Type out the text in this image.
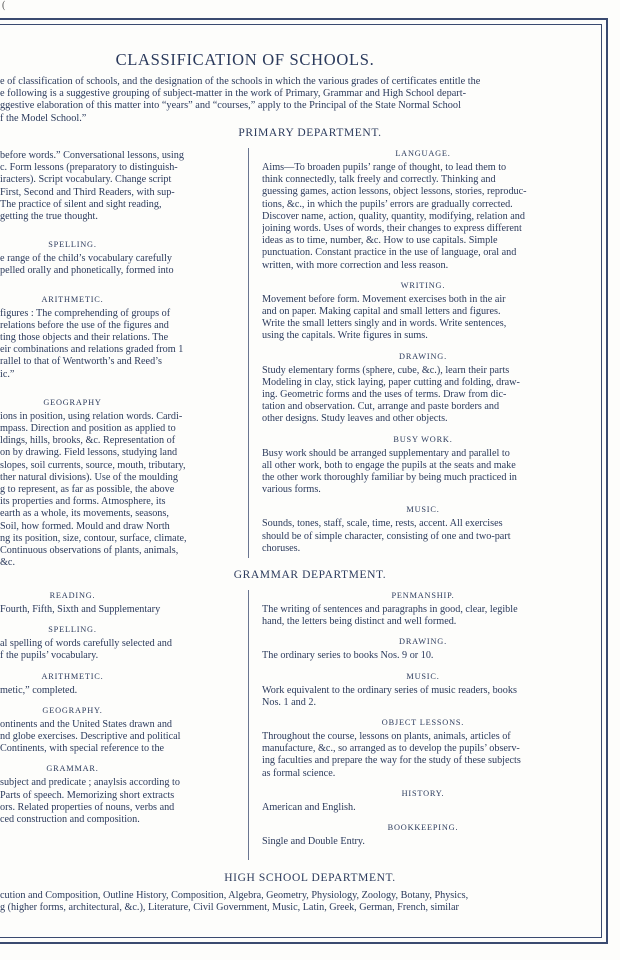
(
CLASSIFICATION OF SCHOOLS.
e of classification of schools, and the designation of the schools in which the various grades of certificates entitle the
e following is a suggestive grouping of subject-matter in the work of Primary, Grammar and High School depart-
ggestive elaboration of this matter into “years” and “courses,” apply to the Principal of the State Normal School
f the Model School.”
PRIMARY DEPARTMENT.
before words.” Conversational lessons, using
c. Form lessons (preparatory to distinguish-
iracters). Script vocabulary. Change script
First, Second and Third Readers, with sup-
The practice of silent and sight reading,
getting the true thought.
SPELLING.
e range of the child’s vocabulary carefully
pelled orally and phonetically, formed into
ARITHMETIC.
figures : The comprehending of groups of
relations before the use of the figures and
ting those objects and their relations. The
eir combinations and relations graded from 1
rallel to that of Wentworth’s and Reed’s
ic.”
GEOGRAPHY
ions in position, using relation words. Cardi-
mpass. Direction and position as applied to
ldings, hills, brooks, &c. Representation of
on by drawing. Field lessons, studying land
slopes, soil currents, source, mouth, tributary,
ther natural divisions). Use of the moulding
g to represent, as far as possible, the above
its properties and forms. Atmosphere, its
earth as a whole, its movements, seasons,
Soil, how formed. Mould and draw North
ng its position, size, contour, surface, climate,
Continuous observations of plants, animals,
&c.
LANGUAGE.
Aims—To broaden pupils’ range of thought, to lead them to
think connectedly, talk freely and correctly. Thinking and
guessing games, action lessons, object lessons, stories, reproduc-
tions, &c., in which the pupils’ errors are gradually corrected.
Discover name, action, quality, quantity, modifying, relation and
joining words. Uses of words, their changes to express different
ideas as to time, number, &c. How to use capitals. Simple
punctuation. Constant practice in the use of language, oral and
written, with more correction and less reason.
WRITING.
Movement before form. Movement exercises both in the air
and on paper. Making capital and small letters and figures.
Write the small letters singly and in words. Write sentences,
using the capitals. Write figures in sums.
DRAWING.
Study elementary forms (sphere, cube, &c.), learn their parts
Modeling in clay, stick laying, paper cutting and folding, draw-
ing. Geometric forms and the uses of terms. Draw from dic-
tation and observation. Cut, arrange and paste borders and
other designs. Study leaves and other objects.
BUSY WORK.
Busy work should be arranged supplementary and parallel to
all other work, both to engage the pupils at the seats and make
the other work thoroughly familiar by being much practiced in
various forms.
MUSIC.
Sounds, tones, staff, scale, time, rests, accent. All exercises
should be of simple character, consisting of one and two-part
choruses.
GRAMMAR DEPARTMENT.
READING.
Fourth, Fifth, Sixth and Supplementary
SPELLING.
al spelling of words carefully selected and
f the pupils’ vocabulary.
ARITHMETIC.
metic,” completed.
GEOGRAPHY.
ontinents and the United States drawn and
nd globe exercises. Descriptive and political
Continents, with special reference to the
GRAMMAR.
subject and predicate ; anaylsis according to
Parts of speech. Memorizing short extracts
ors. Related properties of nouns, verbs and
ced construction and composition.
PENMANSHIP.
The writing of sentences and paragraphs in good, clear, legible
hand, the letters being distinct and well formed.
DRAWING.
The ordinary series to books Nos. 9 or 10.
MUSIC.
Work equivalent to the ordinary series of music readers, books
Nos. 1 and 2.
OBJECT LESSONS.
Throughout the course, lessons on plants, animals, articles of
manufacture, &c., so arranged as to develop the pupils’ observ-
ing faculties and prepare the way for the study of these subjects
as formal science.
HISTORY.
American and English.
BOOKKEEPING.
Single and Double Entry.
HIGH SCHOOL DEPARTMENT.
cution and Composition, Outline History, Composition, Algebra, Geometry, Physiology, Zoology, Botany, Physics,
g (higher forms, architectural, &c.), Literature, Civil Government, Music, Latin, Greek, German, French, similar
